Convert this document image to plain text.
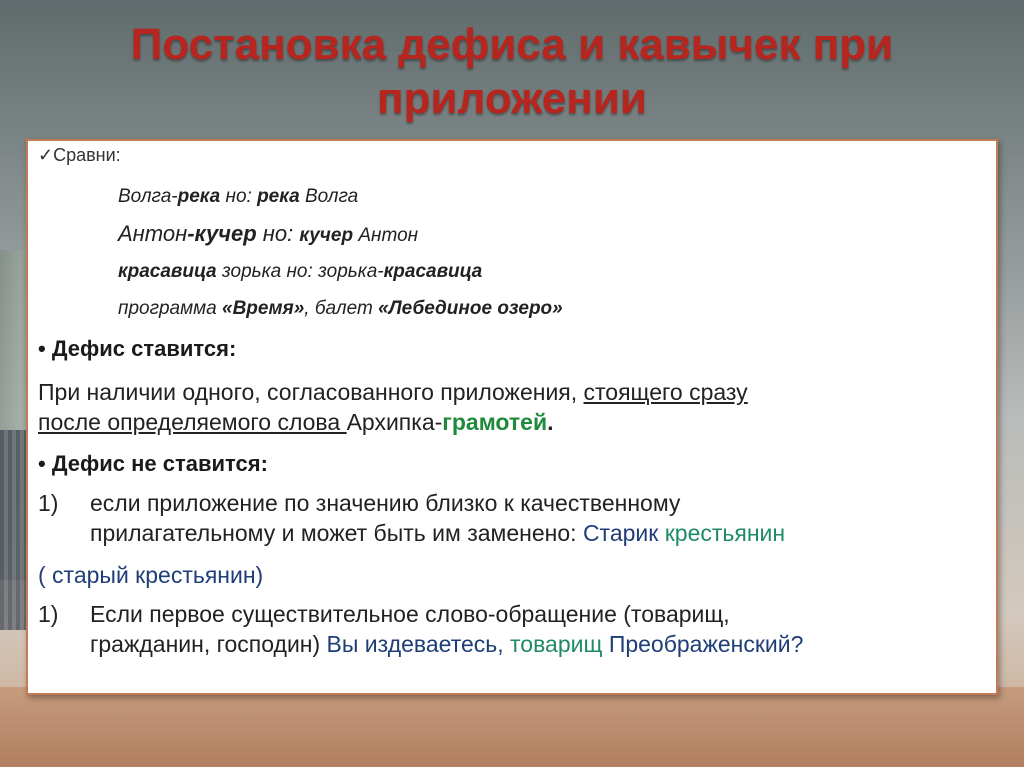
Постановка дефиса и кавычек при
приложении
✓Сравни:
Волга-река но: река Волга
Антон-кучер но: кучер Антон
красавица зорька но: зорька-красавица
программа «Время», балет «Лебединое озеро»
• Дефис ставится:
При наличии одного, согласованного приложения, стоящего сразу
после определяемого слова Архипка-грамотей.
• Дефис не ставится:
1) если приложение по значению близко к качественному
прилагательному и может быть им заменено: Старик крестьянин
( старый крестьянин)
1) Если первое существительное слово-обращение (товарищ,
гражданин, господин) Вы издеваетесь, товарищ Преображенский?
